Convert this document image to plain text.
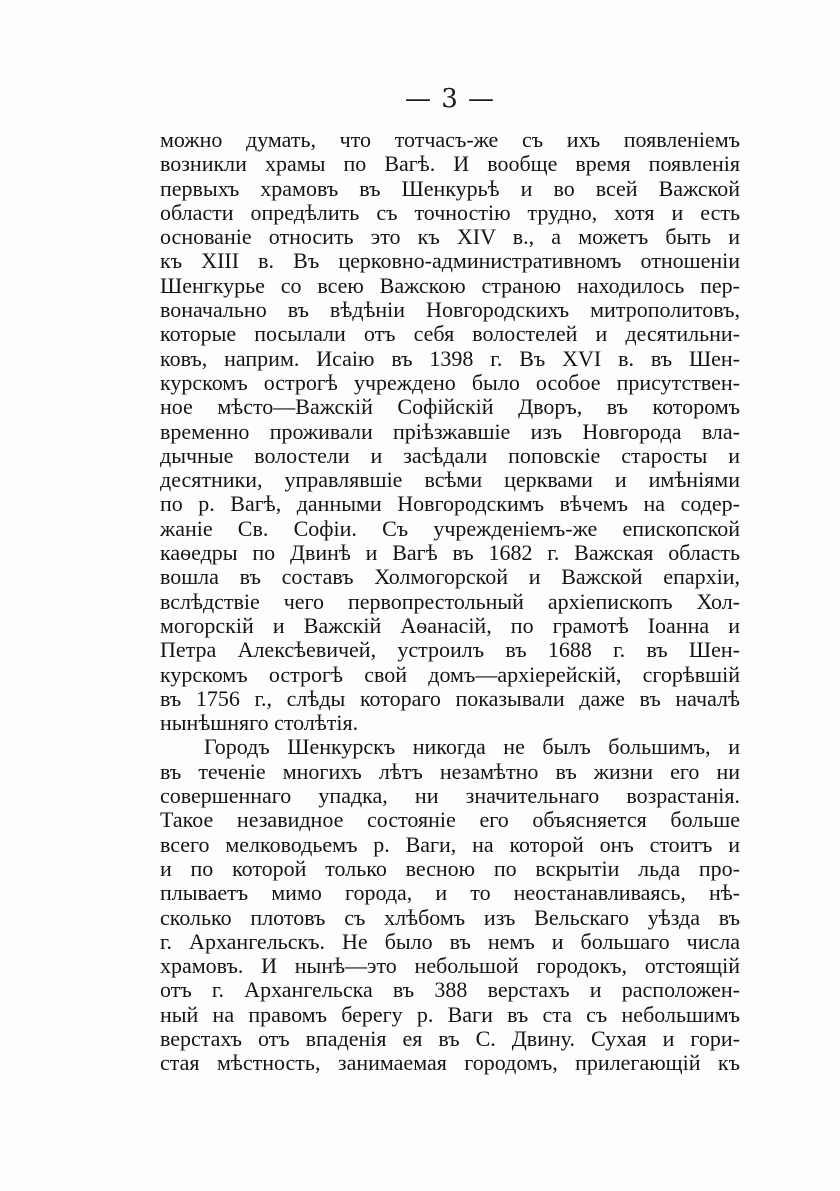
— 3 —
можно думать, что тотчасъ-же съ ихъ появленіемъ
возникли храмы по Вагѣ. И вообще время появленія
первыхъ храмовъ въ Шенкурьѣ и во всей Важской
области опредѣлить съ точностію трудно, хотя и есть
основаніе относить это къ XIV в., а можетъ быть и
къ XIII в. Въ церковно-административномъ отношеніи
Шенгкурье со всею Важскою страною находилось пер-
воначально въ вѣдѣніи Новгородскихъ митрополитовъ,
которые посылали отъ себя волостелей и десятильни-
ковъ, наприм. Исаію въ 1398 г. Въ XVI в. въ Шен-
курскомъ острогѣ учреждено было особое присутствен-
ное мѣсто—Важскій Софійскій Дворъ, въ которомъ
временно проживали пріѣзжавшіе изъ Новгорода вла-
дычные волостели и засѣдали поповскіе старосты и
десятники, управлявшіе всѣми церквами и имѣніями
по р. Вагѣ, данными Новгородскимъ вѣчемъ на содер-
жаніе Св. Софіи. Съ учрежденіемъ-же епископской
каѳедры по Двинѣ и Вагѣ въ 1682 г. Важская область
вошла въ составъ Холмогорской и Важской епархіи,
вслѣдствіе чего первопрестольный архіепископъ Хол-
могорскій и Важскій Аѳанасій, по грамотѣ Іоанна и
Петра Алексѣевичей, устроилъ въ 1688 г. въ Шен-
курскомъ острогѣ свой домъ—архіерейскій, сгорѣвшій
въ 1756 г., слѣды котораго показывали даже въ началѣ
нынѣшняго столѣтія.
Городъ Шенкурскъ никогда не былъ большимъ, и
въ теченіе многихъ лѣтъ незамѣтно въ жизни его ни
совершеннаго упадка, ни значительнаго возрастанія.
Такое незавидное состояніе его объясняется больше
всего мелководьемъ р. Ваги, на которой онъ стоитъ и
и по которой только весною по вскрытіи льда про-
плываетъ мимо города, и то неостанавливаясь, нѣ-
сколько плотовъ съ хлѣбомъ изъ Вельскаго уѣзда въ
г. Архангельскъ. Не было въ немъ и большаго числа
храмовъ. И нынѣ—это небольшой городокъ, отстоящій
отъ г. Архангельска въ 388 верстахъ и расположен-
ный на правомъ берегу р. Ваги въ ста съ небольшимъ
верстахъ отъ впаденія ея въ С. Двину. Сухая и гори-
стая мѣстность, занимаемая городомъ, прилегающій къ
